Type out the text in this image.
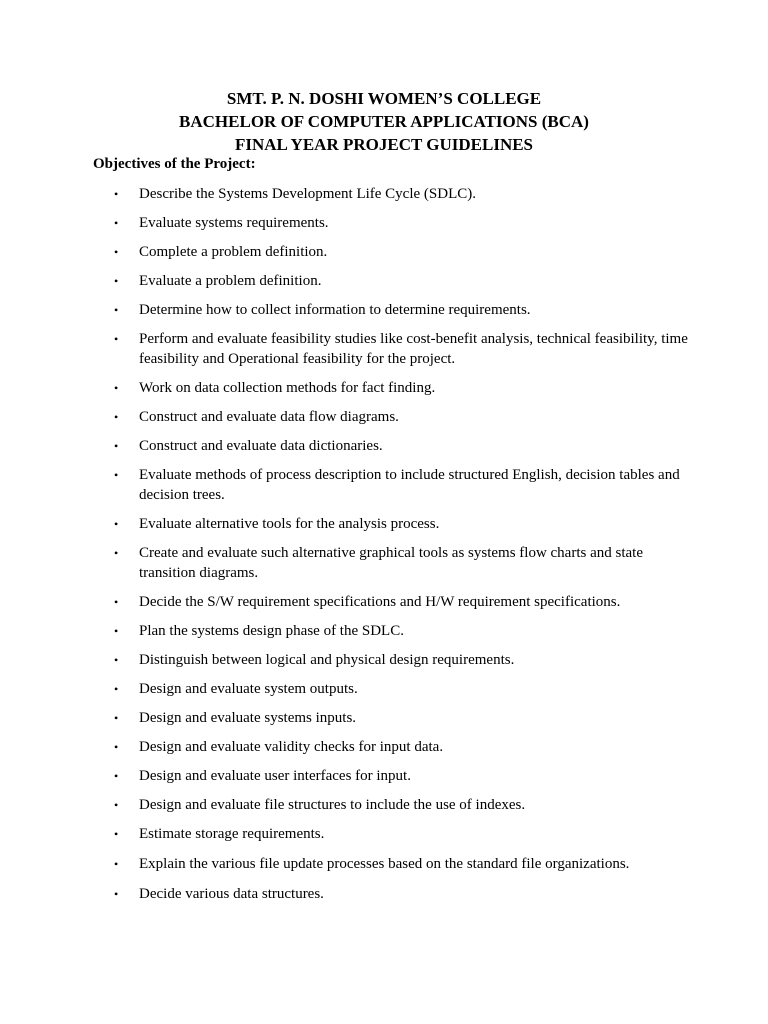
SMT. P. N. DOSHI WOMEN’S COLLEGE
BACHELOR OF COMPUTER APPLICATIONS (BCA)
FINAL YEAR PROJECT GUIDELINES
Objectives of the Project:
• Describe the Systems Development Life Cycle (SDLC).
• Evaluate systems requirements.
• Complete a problem definition.
• Evaluate a problem definition.
• Determine how to collect information to determine requirements.
• Perform and evaluate feasibility studies like cost-benefit analysis, technical feasibility, time feasibility and Operational feasibility for the project.
• Work on data collection methods for fact finding.
• Construct and evaluate data flow diagrams.
• Construct and evaluate data dictionaries.
• Evaluate methods of process description to include structured English, decision tables and decision trees.
• Evaluate alternative tools for the analysis process.
• Create and evaluate such alternative graphical tools as systems flow charts and state transition diagrams.
• Decide the S/W requirement specifications and H/W requirement specifications.
• Plan the systems design phase of the SDLC.
• Distinguish between logical and physical design requirements.
• Design and evaluate system outputs.
• Design and evaluate systems inputs.
• Design and evaluate validity checks for input data.
• Design and evaluate user interfaces for input.
• Design and evaluate file structures to include the use of indexes.
• Estimate storage requirements.
• Explain the various file update processes based on the standard file organizations.
• Decide various data structures.
